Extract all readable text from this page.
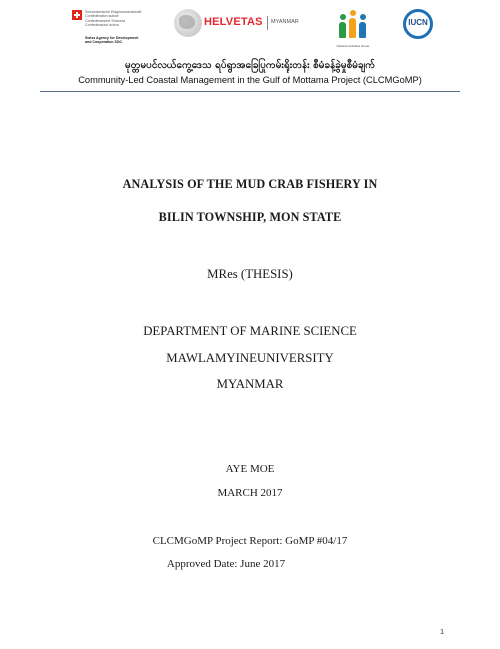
Schweizerische Eidgenossenschaft
Confédération suisse
Confederazione Svizzera
Confederaziun svizra
Swiss Agency for Development
and Cooperation SDC
HELVETAS MYANMAR
Network Activities Group
IUCN
မုတ္တမပင်လယ်ကွေ့ဒေသ ရပ်ရွာအခြေပြုကမ်းရိုးတန်း စီမံခန့်ခွဲမှုစီမံချက်
Community-Led Coastal Management in the Gulf of Mottama Project (CLCMGoMP)
ANALYSIS OF THE MUD CRAB FISHERY IN
BILIN TOWNSHIP, MON STATE
MRes (THESIS)
DEPARTMENT OF MARINE SCIENCE
MAWLAMYINEUNIVERSITY
MYANMAR
AYE MOE
MARCH 2017
CLCMGoMP Project Report: GoMP #04/17
Approved Date: June 2017
1
